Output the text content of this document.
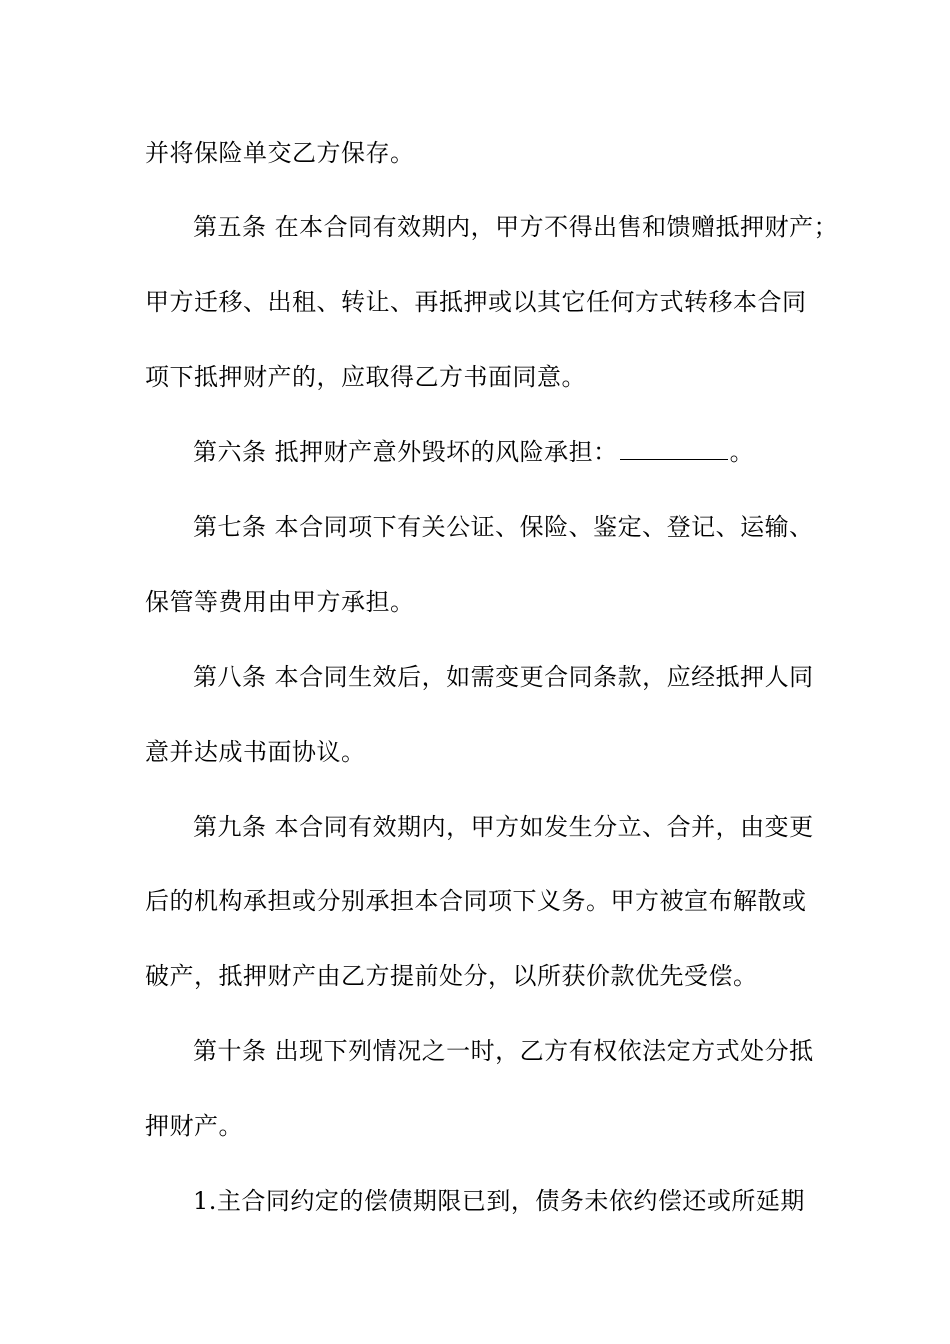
并将保险单交乙方保存。
第五条 在本合同有效期内，甲方不得出售和馈赠抵押财产；
甲方迁移、出租、转让、再抵押或以其它任何方式转移本合同
项下抵押财产的，应取得乙方书面同意。
第六条 抵押财产意外毁坏的风险承担：	。
第七条 本合同项下有关公证、保险、鉴定、登记、运输、
保管等费用由甲方承担。
第八条 本合同生效后，如需变更合同条款，应经抵押人同
意并达成书面协议。
第九条 本合同有效期内，甲方如发生分立、合并，由变更
后的机构承担或分别承担本合同项下义务。甲方被宣布解散或
破产，抵押财产由乙方提前处分，以所获价款优先受偿。
第十条 出现下列情况之一时，乙方有权依法定方式处分抵
押财产。
1.主合同约定的偿债期限已到，债务未依约偿还或所延期
